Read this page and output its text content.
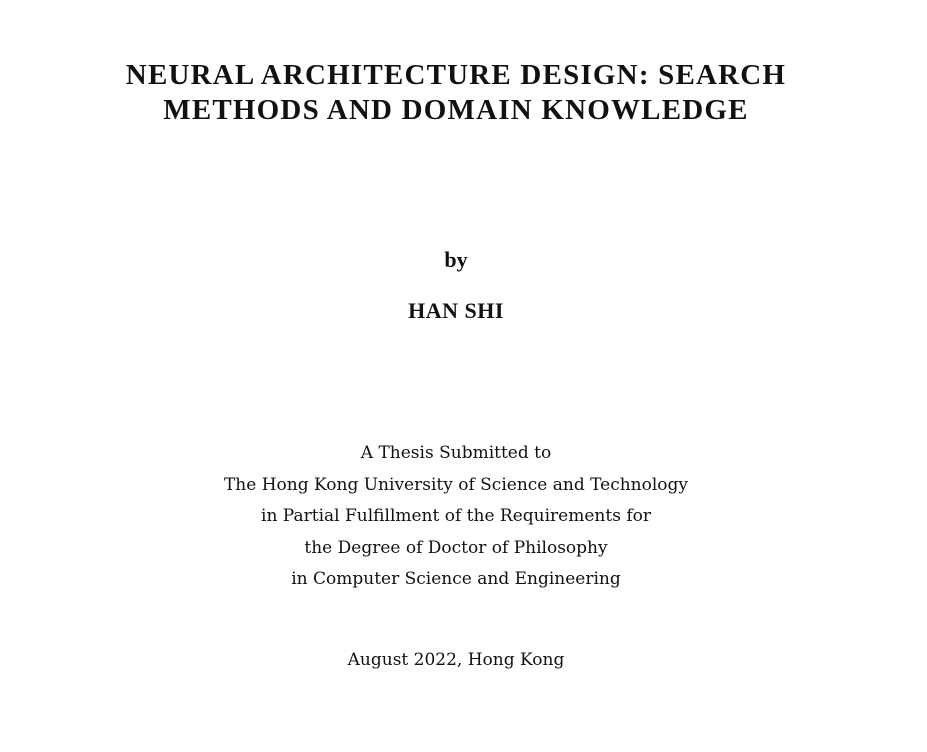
NEURAL ARCHITECTURE DESIGN: SEARCH
METHODS AND DOMAIN KNOWLEDGE
by
HAN SHI
A Thesis Submitted to
The Hong Kong University of Science and Technology
in Partial Fulfillment of the Requirements for
the Degree of Doctor of Philosophy
in Computer Science and Engineering
August 2022, Hong Kong
